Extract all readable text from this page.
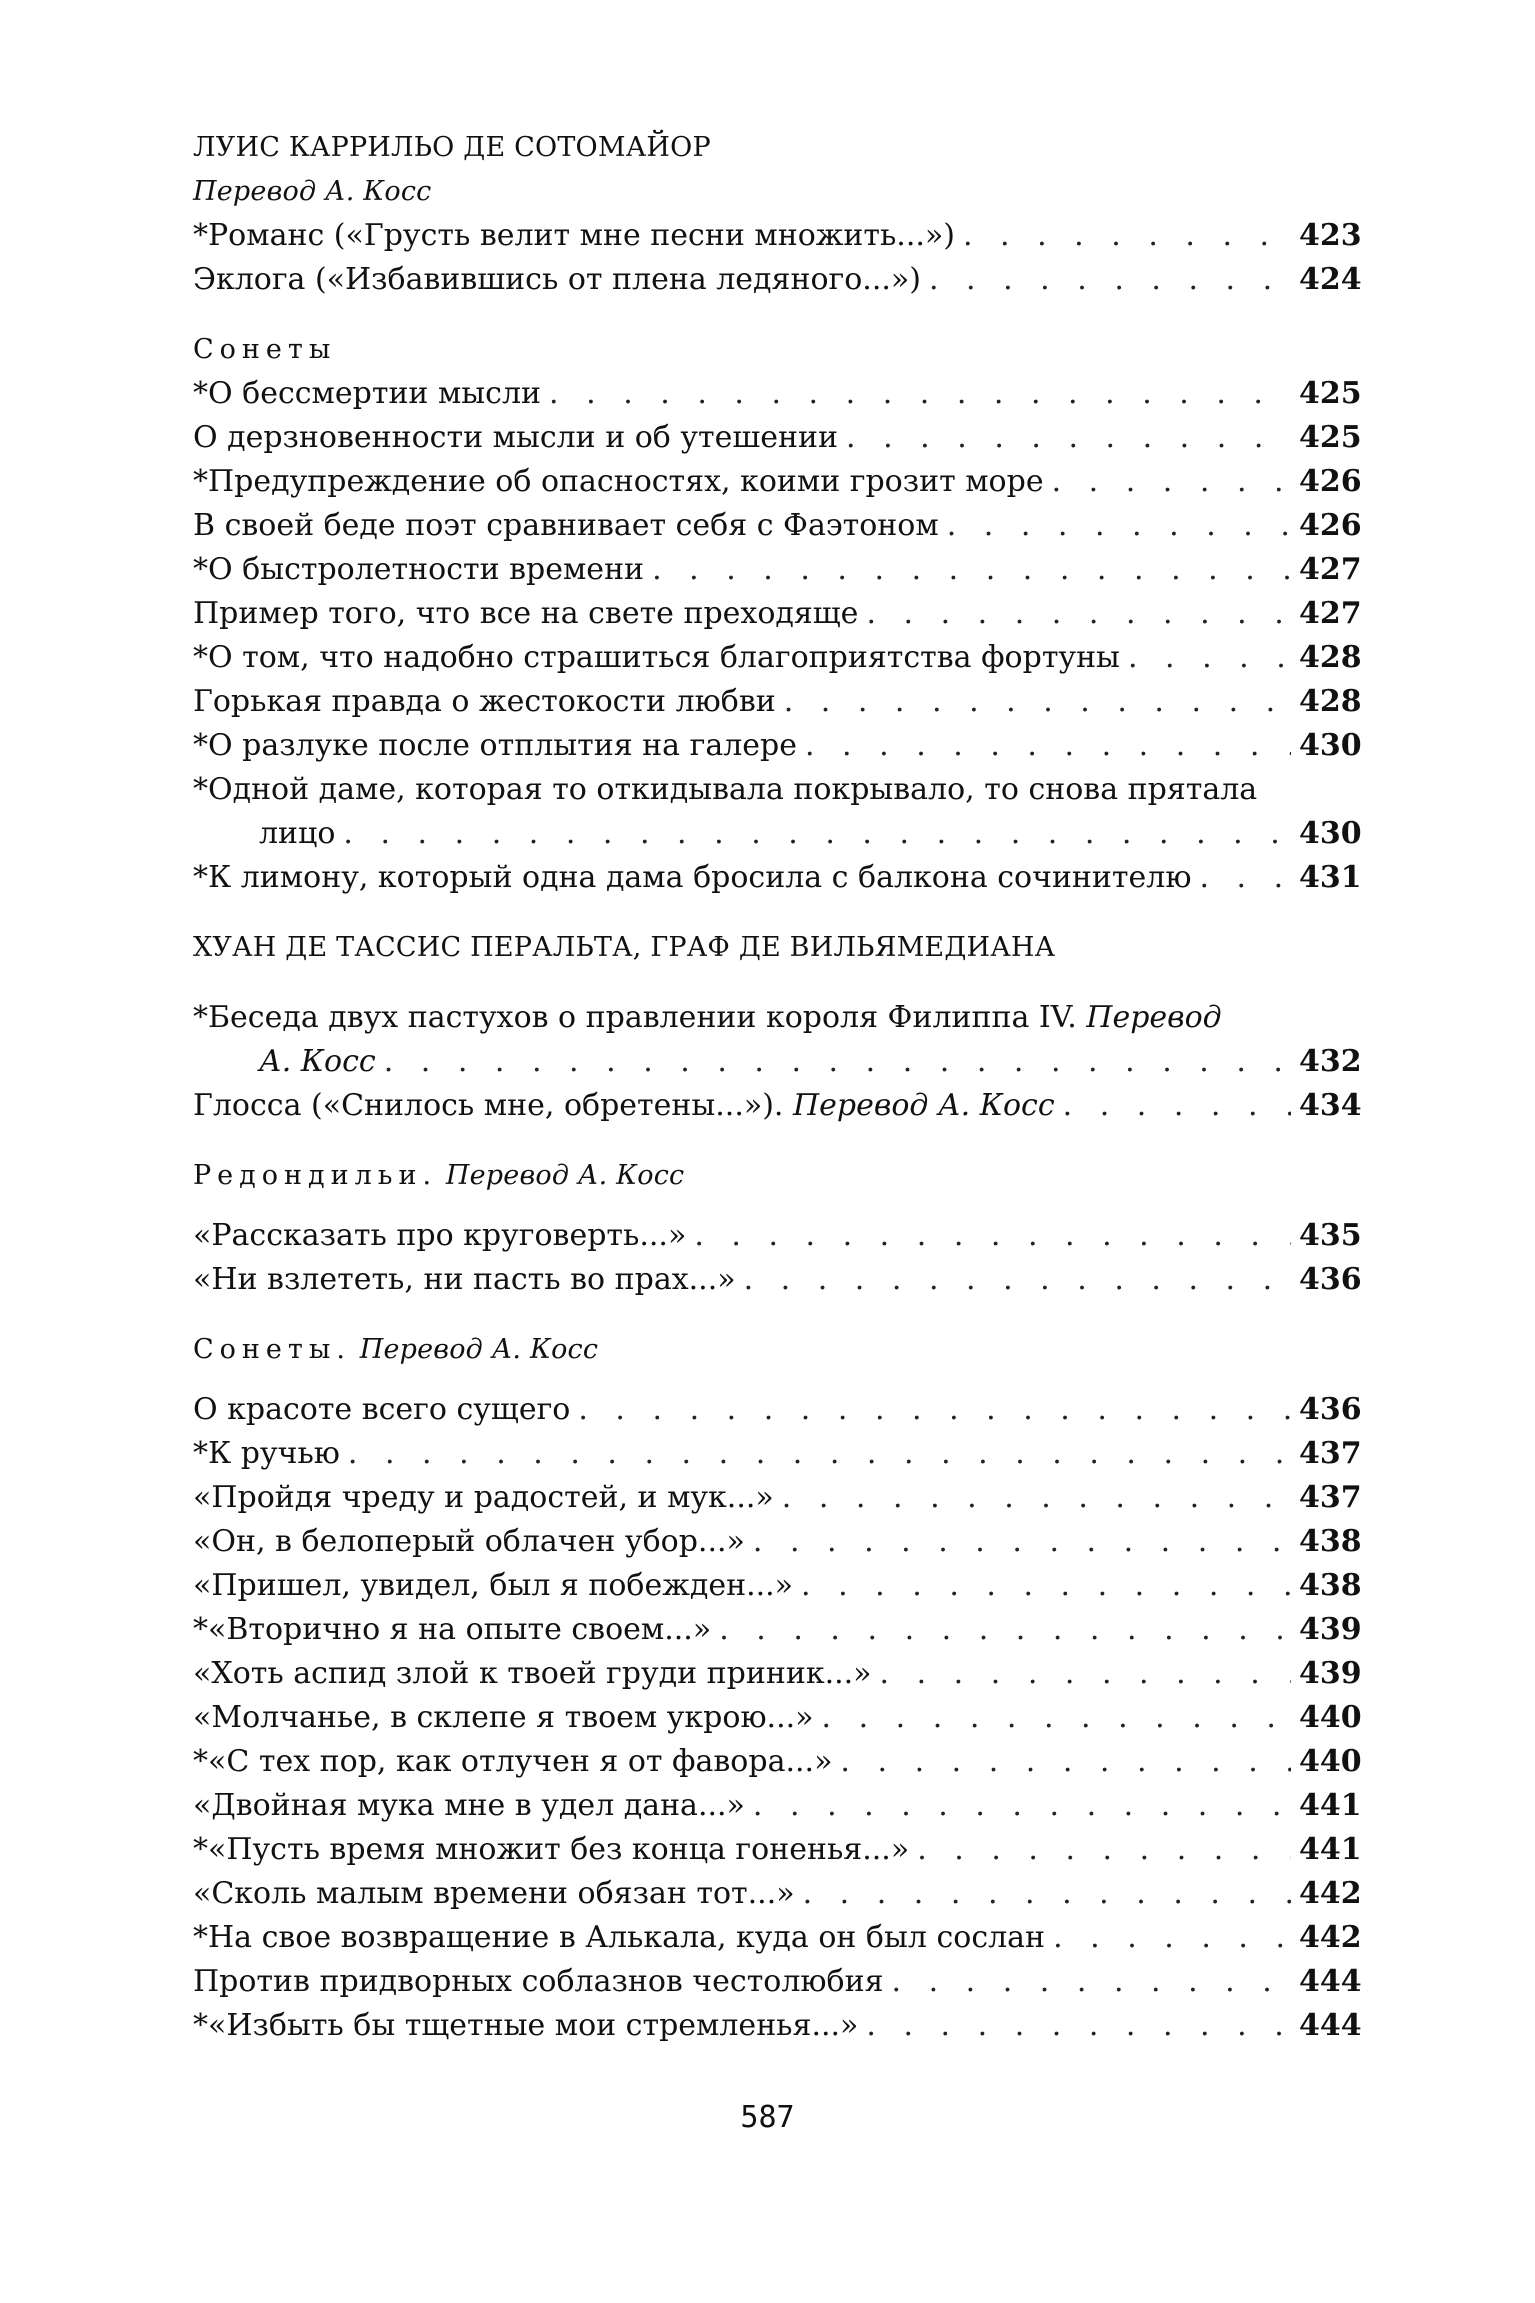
ЛУИС КАРРИЛЬО ДЕ СОТОМАЙОР
Перевод А. Косс
*Романс («Грусть велит мне песни множить...») . . .	423
Эклога («Избавившись от плена ледяного...») . . .	424
Сонеты
*О бессмертии мысли . . .	425
О дерзновенности мысли и об утешении . . .	425
*Предупреждение об опасностях, коими грозит море . . .	426
В своей беде поэт сравнивает себя с Фаэтоном . . .	426
*О быстролетности времени . . .	427
Пример того, что все на свете преходяще . . .	427
*О том, что надобно страшиться благоприятства фортуны . . .	428
Горькая правда о жестокости любви . . .	428
*О разлуке после отплытия на галере . . .	430
*Одной даме, которая то откидывала покрывало, то снова прятала
лицо . . .	430
*К лимону, который одна дама бросила с балкона сочинителю . . .	431
ХУАН ДЕ ТАССИС ПЕРАЛЬТА, ГРАФ ДЕ ВИЛЬЯМЕДИАНА
*Беседа двух пастухов о правлении короля Филиппа IV. Перевод
А. Косс . . .	432
Глосса («Снилось мне, обретены...»). Перевод А. Косс . . .	434
Редондильи. Перевод А. Косс
«Рассказать про круговерть...» . . .	435
«Ни взлететь, ни пасть во прах...» . . .	436
Сонеты. Перевод А. Косс
О красоте всего сущего . . .	436
*К ручью . . .	437
«Пройдя чреду и радостей, и мук...» . . .	437
«Он, в белоперый облачен убор...» . . .	438
«Пришел, увидел, был я побежден...» . . .	438
*«Вторично я на опыте своем...» . . .	439
«Хоть аспид злой к твоей груди приник...» . . .	439
«Молчанье, в склепе я твоем укрою...» . . .	440
*«С тех пор, как отлучен я от фавора...» . . .	440
«Двойная мука мне в удел дана...» . . .	441
*«Пусть время множит без конца гоненья...» . . .	441
«Сколь малым времени обязан тот...» . . .	442
*На свое возвращение в Алькала, куда он был сослан . . .	442
Против придворных соблазнов честолюбия . . .	444
*«Избыть бы тщетные мои стремленья...» . . .	444
587
